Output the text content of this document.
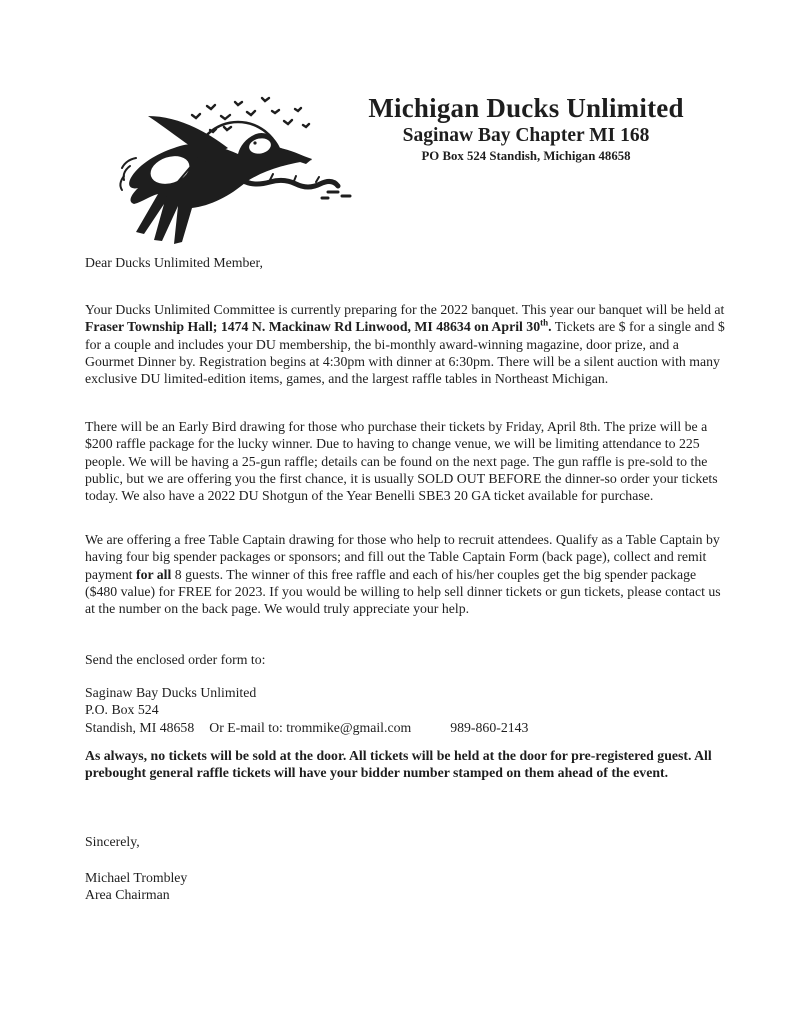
Michigan Ducks Unlimited
Saginaw Bay Chapter MI 168
PO Box 524 Standish, Michigan 48658
Dear Ducks Unlimited Member,
Your Ducks Unlimited Committee is currently preparing for the 2022 banquet. This year our banquet will be held at Fraser Township Hall; 1474 N. Mackinaw Rd Linwood, MI 48634 on April 30th. Tickets are $ for a single and $ for a couple and includes your DU membership, the bi-monthly award-winning magazine, door prize, and a Gourmet Dinner by. Registration begins at 4:30pm with dinner at 6:30pm. There will be a silent auction with many exclusive DU limited-edition items, games, and the largest raffle tables in Northeast Michigan.
There will be an Early Bird drawing for those who purchase their tickets by Friday, April 8th. The prize will be a $200 raffle package for the lucky winner. Due to having to change venue, we will be limiting attendance to 225 people. We will be having a 25-gun raffle; details can be found on the next page. The gun raffle is pre-sold to the public, but we are offering you the first chance, it is usually SOLD OUT BEFORE the dinner-so order your tickets today. We also have a 2022 DU Shotgun of the Year Benelli SBE3 20 GA ticket available for purchase.
We are offering a free Table Captain drawing for those who help to recruit attendees. Qualify as a Table Captain by having four big spender packages or sponsors; and fill out the Table Captain Form (back page), collect and remit payment for all 8 guests. The winner of this free raffle and each of his/her couples get the big spender package ($480 value) for FREE for 2023. If you would be willing to help sell dinner tickets or gun tickets, please contact us at the number on the back page. We would truly appreciate your help.
Send the enclosed order form to:
Saginaw Bay Ducks Unlimited
P.O. Box 524
Standish, MI 48658 Or E-mail to: trommike@gmail.com	989-860-2143
As always, no tickets will be sold at the door. All tickets will be held at the door for pre-registered guest. All prebought general raffle tickets will have your bidder number stamped on them ahead of the event.
Sincerely,
Michael Trombley
Area Chairman
